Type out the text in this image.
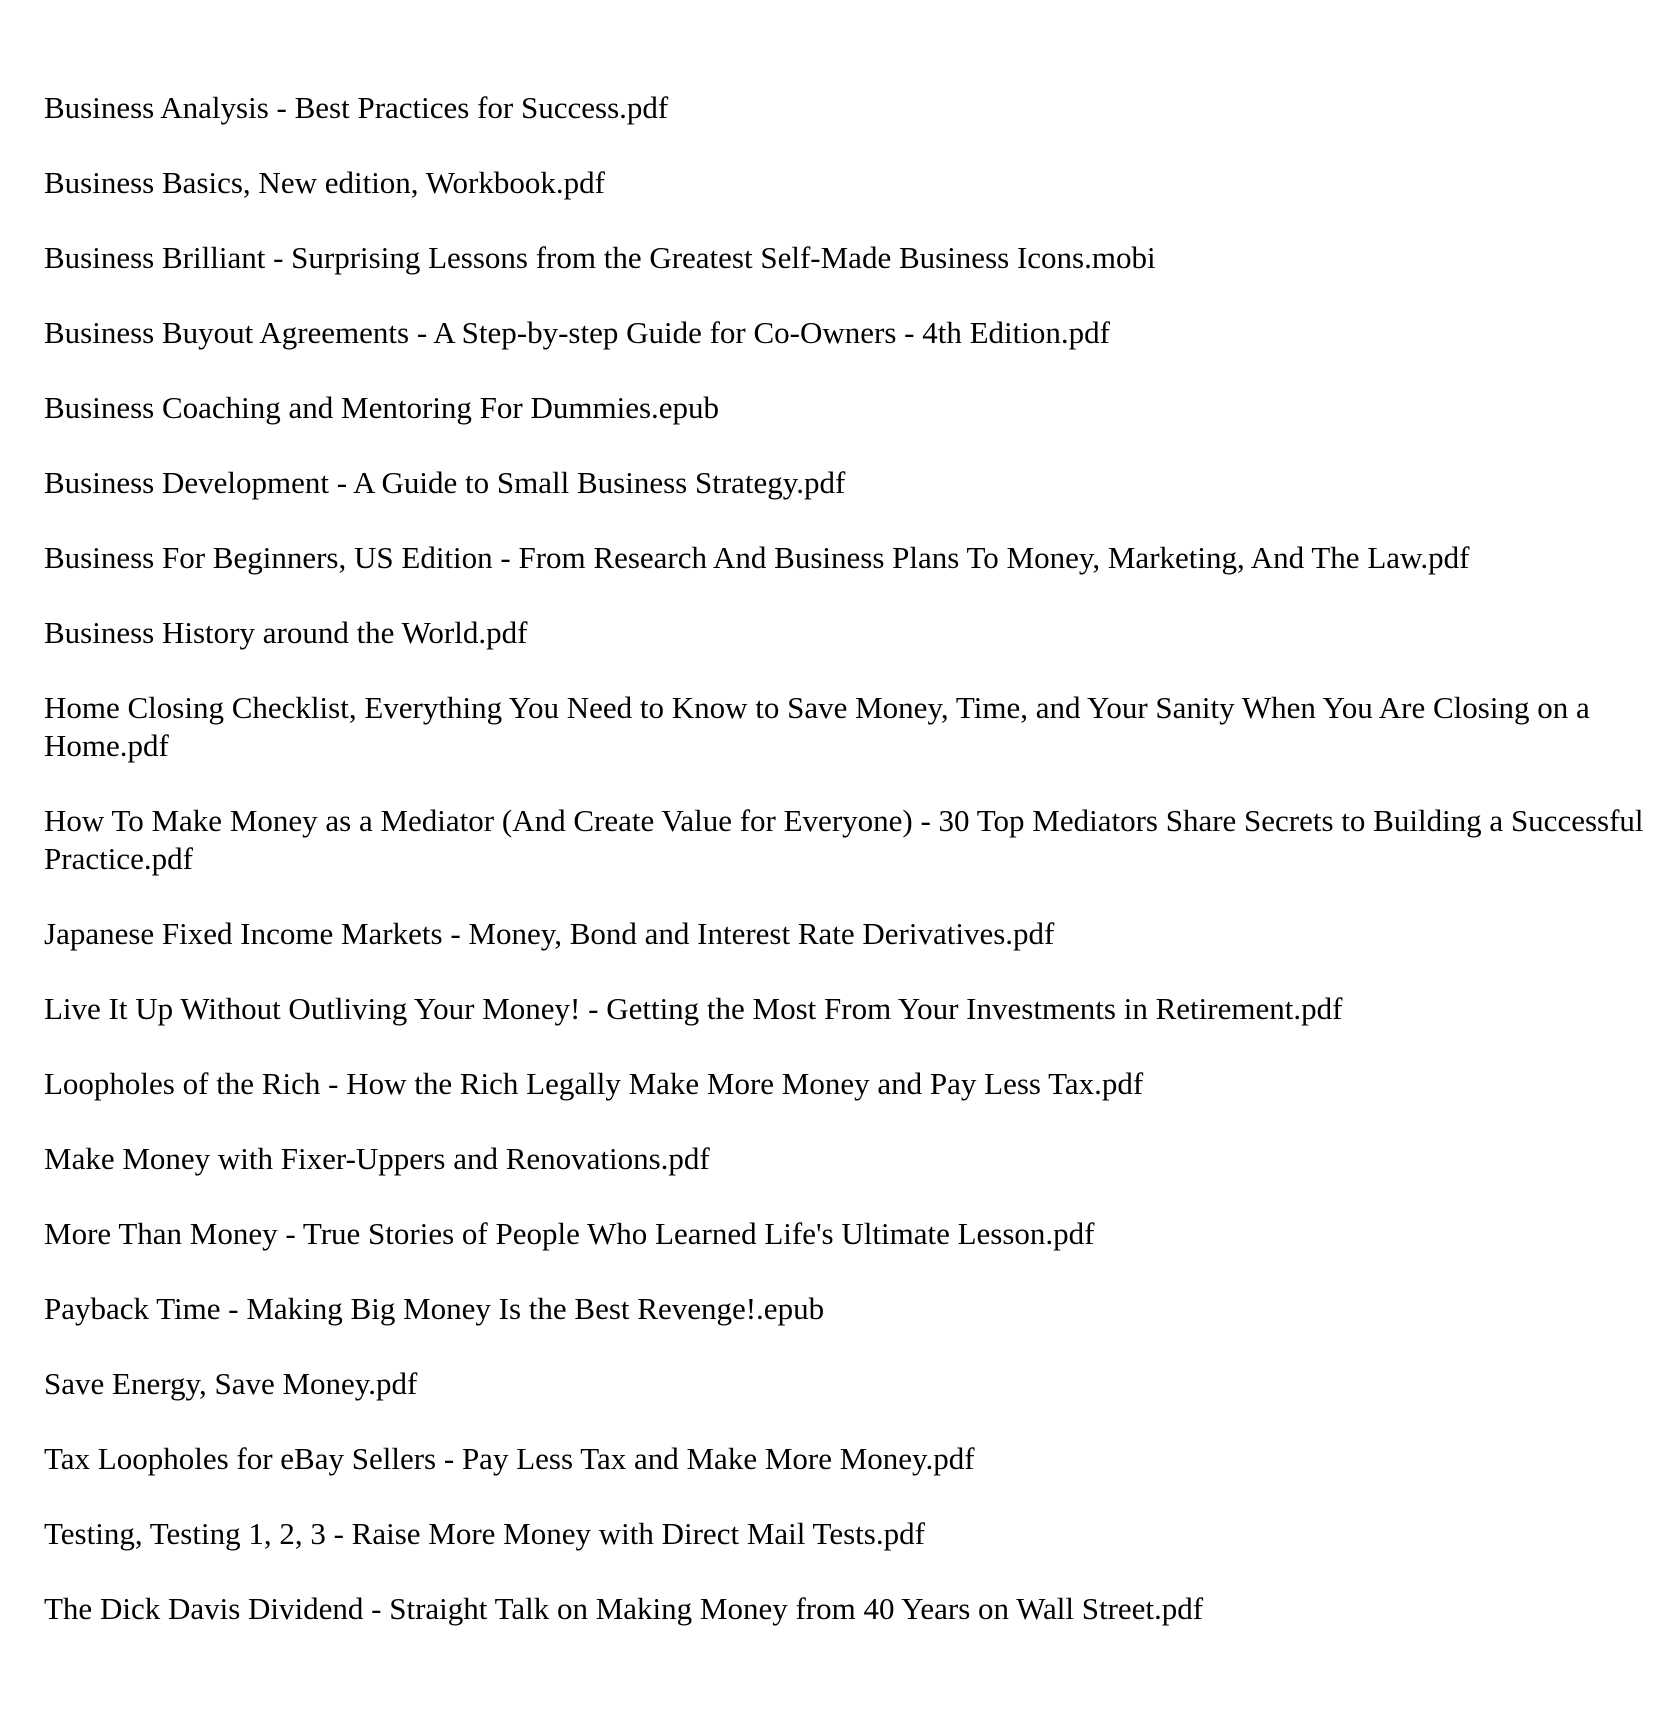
Business Analysis - Best Practices for Success.pdf
Business Basics, New edition, Workbook.pdf
Business Brilliant - Surprising Lessons from the Greatest Self-Made Business Icons.mobi
Business Buyout Agreements - A Step-by-step Guide for Co-Owners - 4th Edition.pdf
Business Coaching and Mentoring For Dummies.epub
Business Development - A Guide to Small Business Strategy.pdf
Business For Beginners, US Edition - From Research And Business Plans To Money, Marketing, And The Law.pdf
Business History around the World.pdf
Home Closing Checklist, Everything You Need to Know to Save Money, Time, and Your Sanity When You Are Closing on a Home.pdf
How To Make Money as a Mediator (And Create Value for Everyone) - 30 Top Mediators Share Secrets to Building a Successful Practice.pdf
Japanese Fixed Income Markets - Money, Bond and Interest Rate Derivatives.pdf
Live It Up Without Outliving Your Money! - Getting the Most From Your Investments in Retirement.pdf
Loopholes of the Rich - How the Rich Legally Make More Money and Pay Less Tax.pdf
Make Money with Fixer-Uppers and Renovations.pdf
More Than Money - True Stories of People Who Learned Life's Ultimate Lesson.pdf
Payback Time - Making Big Money Is the Best Revenge!.epub
Save Energy, Save Money.pdf
Tax Loopholes for eBay Sellers - Pay Less Tax and Make More Money.pdf
Testing, Testing 1, 2, 3 - Raise More Money with Direct Mail Tests.pdf
The Dick Davis Dividend - Straight Talk on Making Money from 40 Years on Wall Street.pdf
